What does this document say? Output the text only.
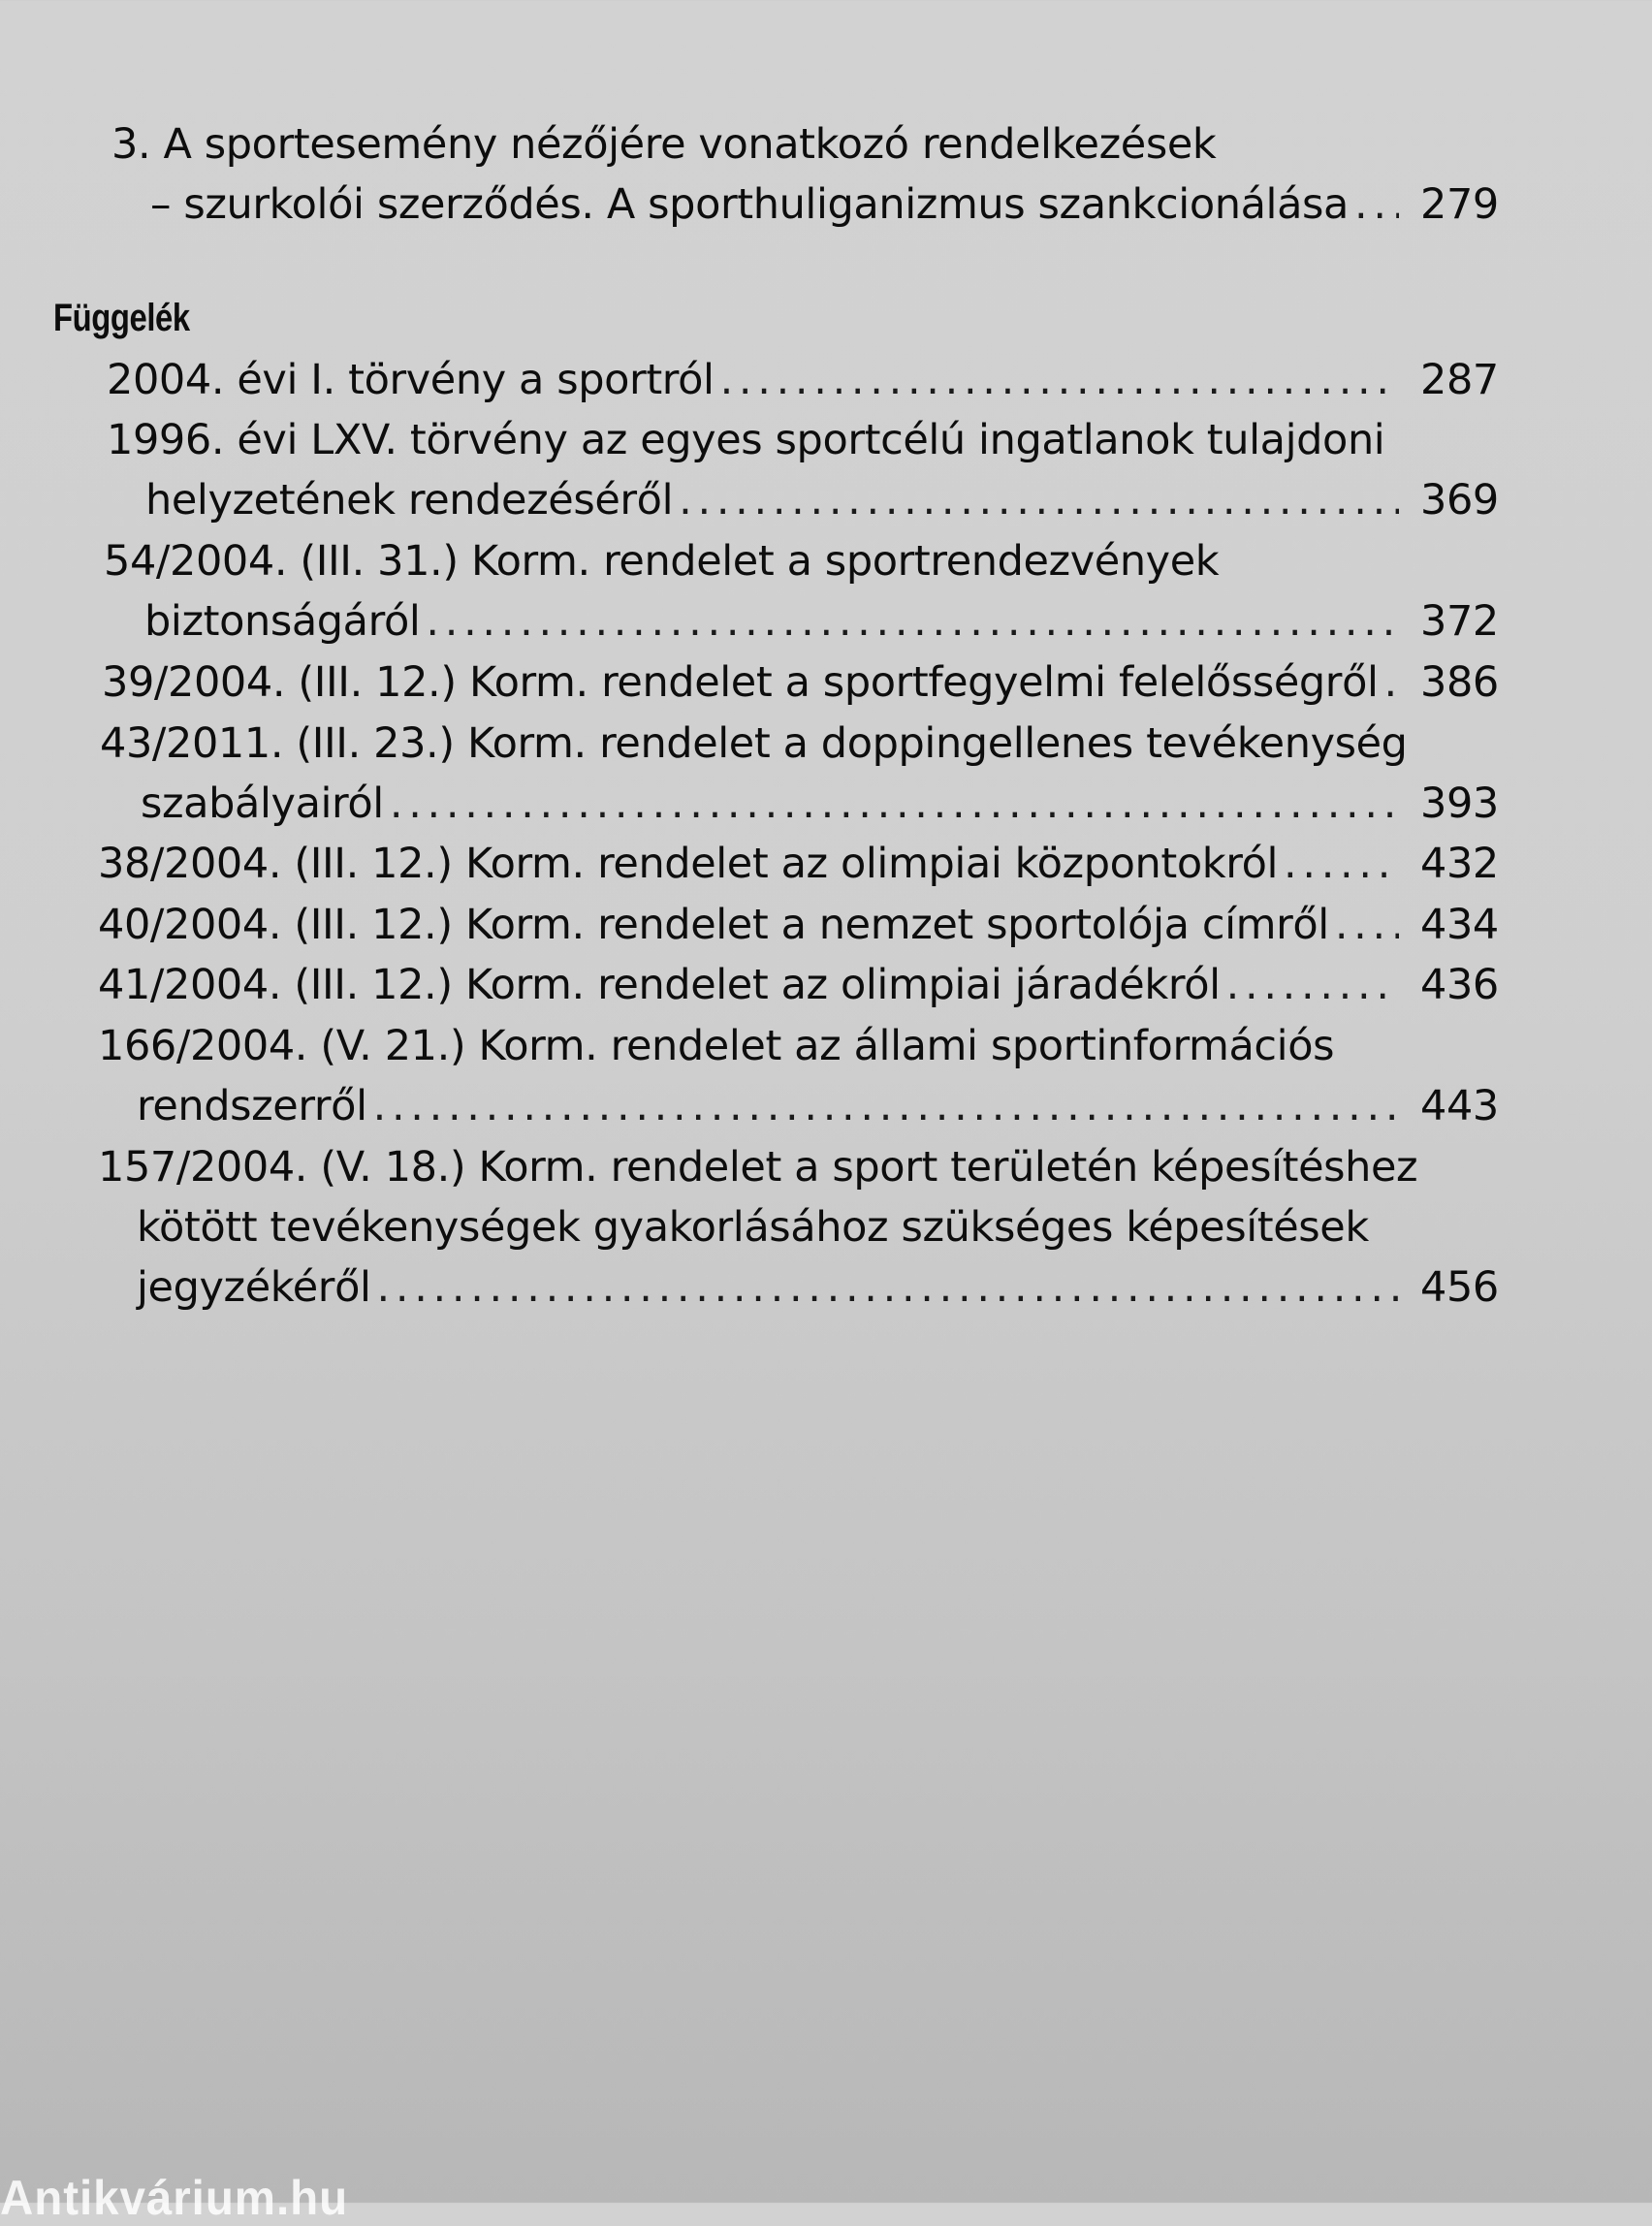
3. A sportesemény nézőjére vonatkozó rendelkezések
– szurkolói szerződés. A sporthuliganizmus szankcionálása . . . 279
Függelék
2004. évi I. törvény a sportról . . .	287
1996. évi LXV. törvény az egyes sportcélú ingatlanok tulajdoni
helyzetének rendezéséről . . .	369
54/2004. (III. 31.) Korm. rendelet a sportrendezvények
biztonságáról . . .	372
39/2004. (III. 12.) Korm. rendelet a sportfegyelmi felelősségről . . . 386
43/2011. (III. 23.) Korm. rendelet a doppingellenes tevékenység
szabályairól . . .	393
38/2004. (III. 12.) Korm. rendelet az olimpiai központokról . . .	432
40/2004. (III. 12.) Korm. rendelet a nemzet sportolója címről . . . 434
41/2004. (III. 12.) Korm. rendelet az olimpiai járadékról . . .	436
166/2004. (V. 21.) Korm. rendelet az állami sportinformációs
rendszerről . . .	443
157/2004. (V. 18.) Korm. rendelet a sport területén képesítéshez
kötött tevékenységek gyakorlásához szükséges képesítések
jegyzékéről . . .	456
Antikvárium.hu
